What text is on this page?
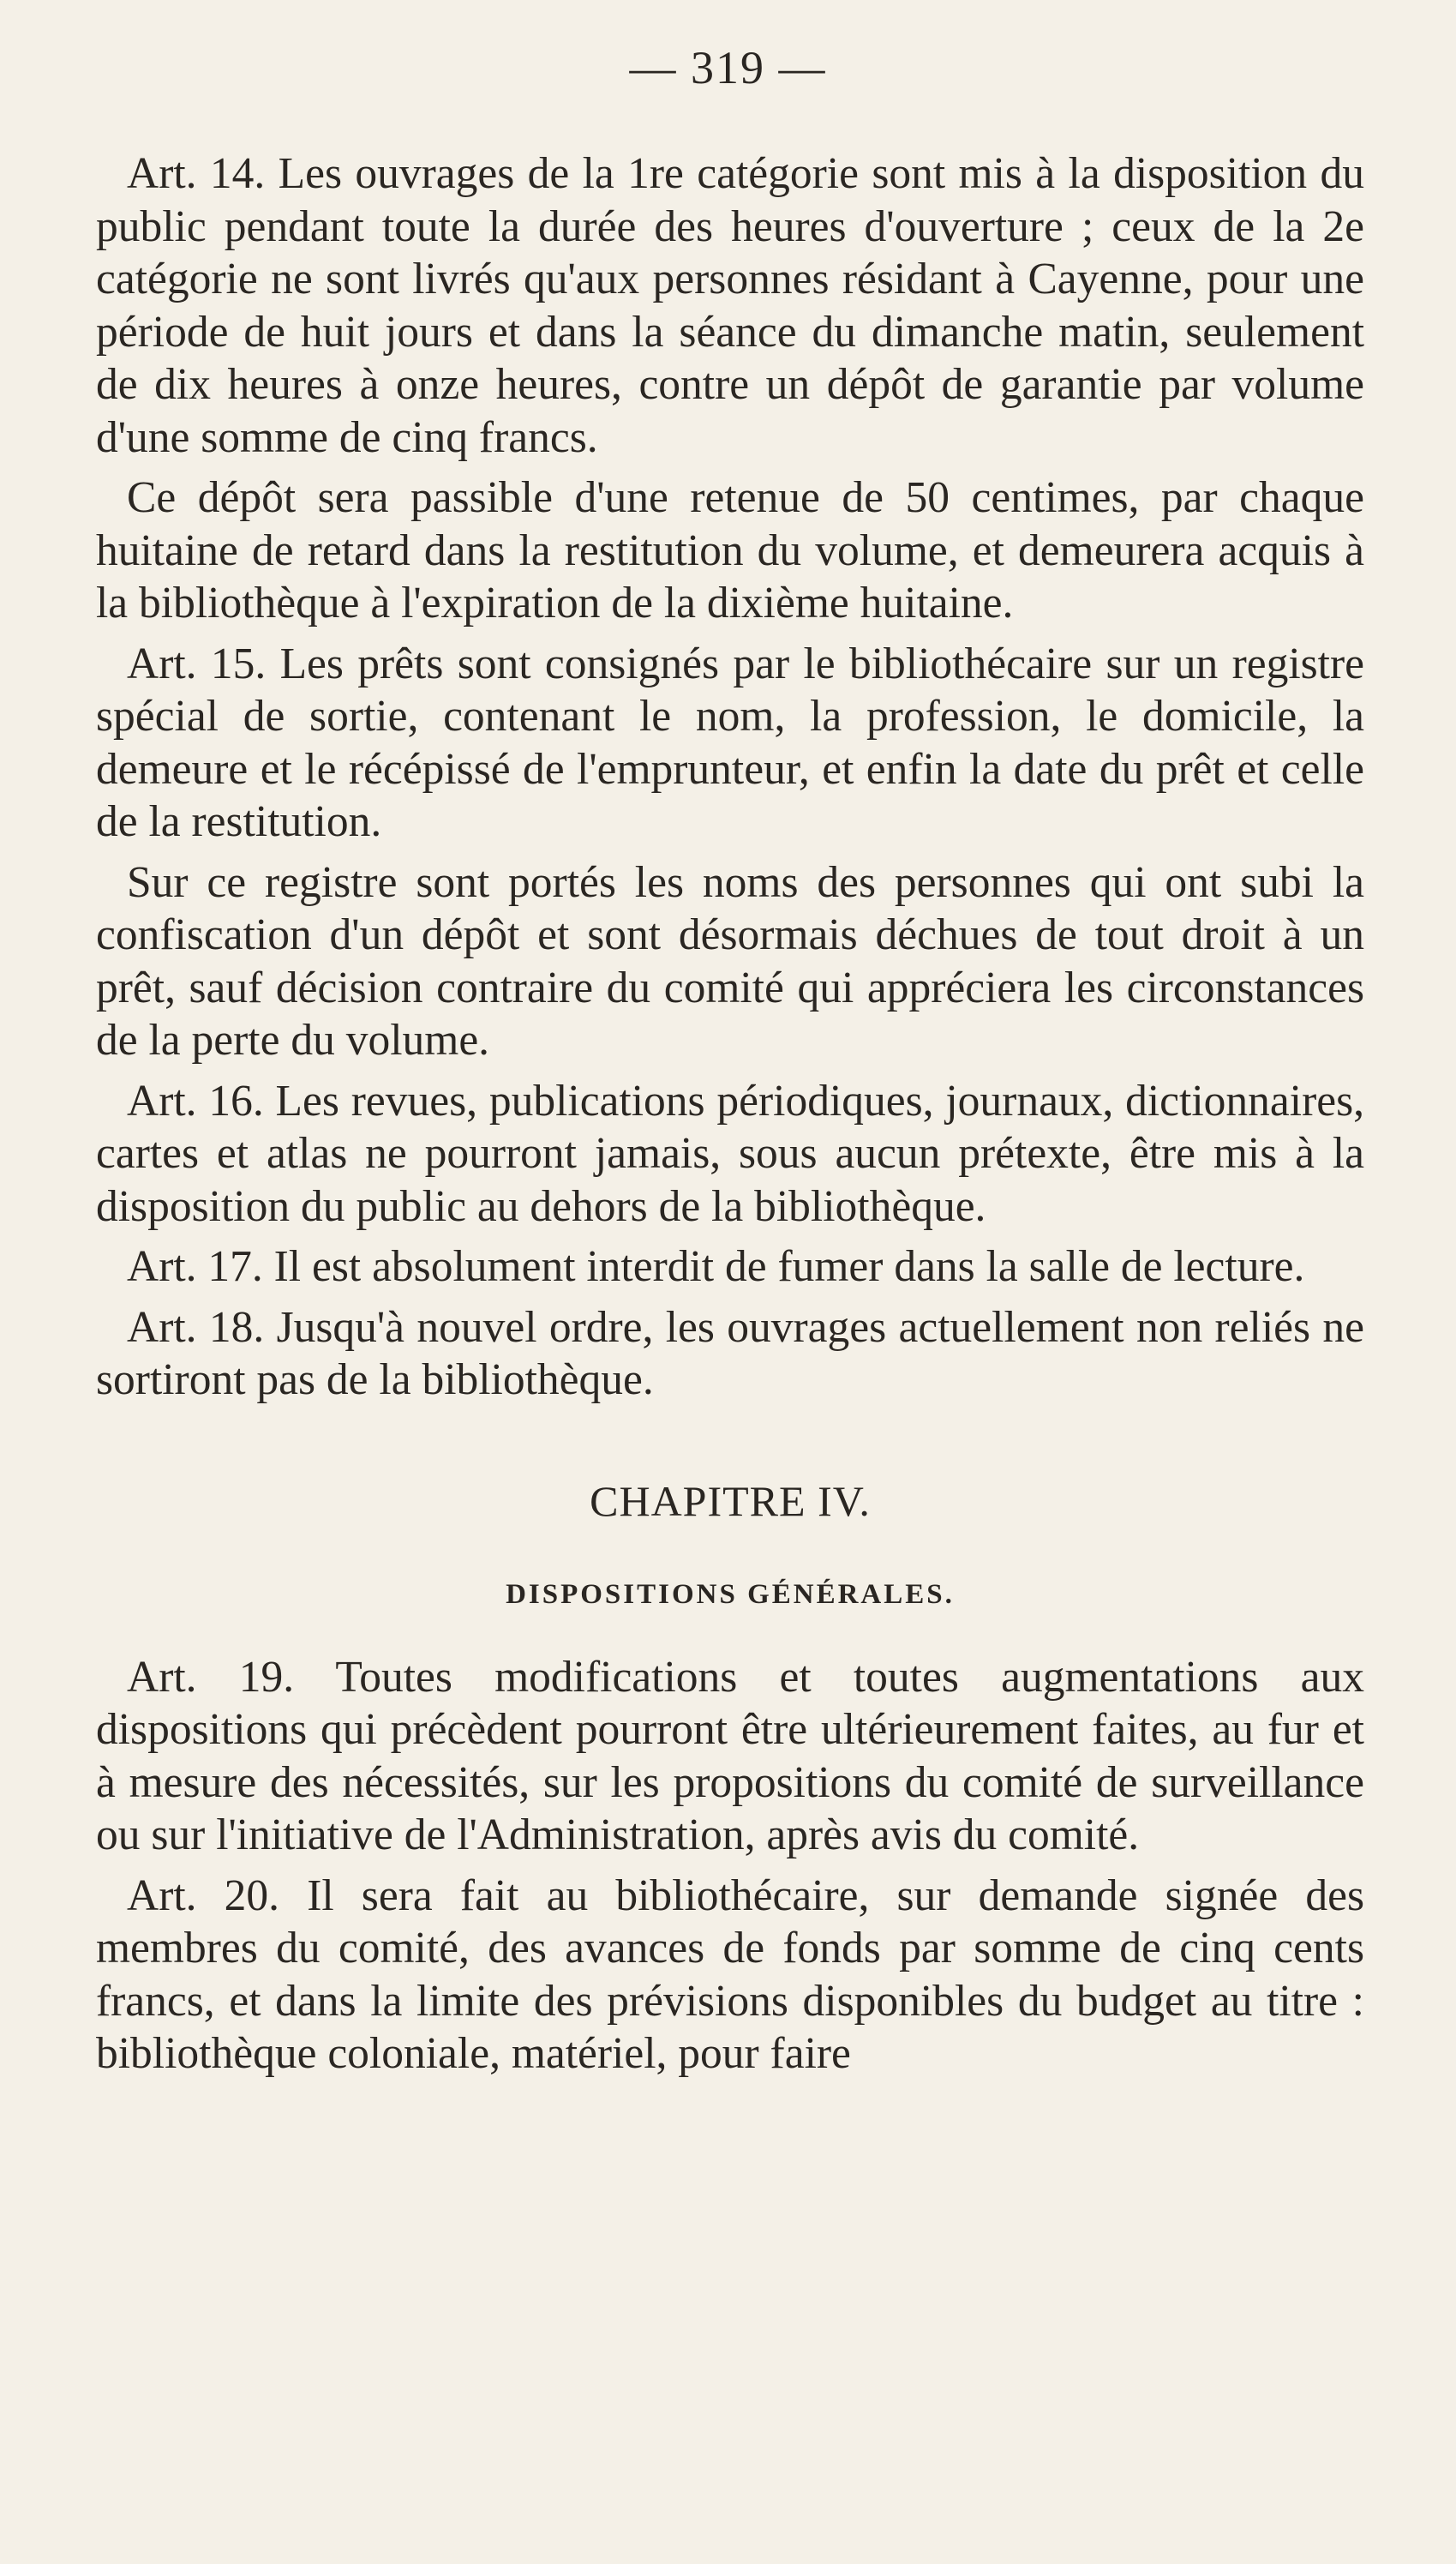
— 319 —

Art. 14. Les ouvrages de la 1re catégorie sont mis à la disposition du public pendant toute la durée des heures d'ouverture ; ceux de la 2e catégorie ne sont livrés qu'aux personnes résidant à Cayenne, pour une période de huit jours et dans la séance du dimanche matin, seulement de dix heures à onze heures, contre un dépôt de garantie par volume d'une somme de cinq francs.

Ce dépôt sera passible d'une retenue de 50 centimes, par chaque huitaine de retard dans la restitution du volume, et demeurera acquis à la bibliothèque à l'expiration de la dixième huitaine.

Art. 15. Les prêts sont consignés par le bibliothécaire sur un registre spécial de sortie, contenant le nom, la profession, le domicile, la demeure et le récépissé de l'emprunteur, et enfin la date du prêt et celle de la restitution.

Sur ce registre sont portés les noms des personnes qui ont subi la confiscation d'un dépôt et sont désormais déchues de tout droit à un prêt, sauf décision contraire du comité qui appréciera les circonstances de la perte du volume.

Art. 16. Les revues, publications périodiques, journaux, dictionnaires, cartes et atlas ne pourront jamais, sous aucun prétexte, être mis à la disposition du public au dehors de la bibliothèque.

Art. 17. Il est absolument interdit de fumer dans la salle de lecture.

Art. 18. Jusqu'à nouvel ordre, les ouvrages actuellement non reliés ne sortiront pas de la bibliothèque.

CHAPITRE IV.

DISPOSITIONS GÉNÉRALES.

Art. 19. Toutes modifications et toutes augmentations aux dispositions qui précèdent pourront être ultérieurement faites, au fur et à mesure des nécessités, sur les propositions du comité de surveillance ou sur l'initiative de l'Administration, après avis du comité.

Art. 20. Il sera fait au bibliothécaire, sur demande signée des membres du comité, des avances de fonds par somme de cinq cents francs, et dans la limite des prévisions disponibles du budget au titre : bibliothèque coloniale, matériel, pour faire
